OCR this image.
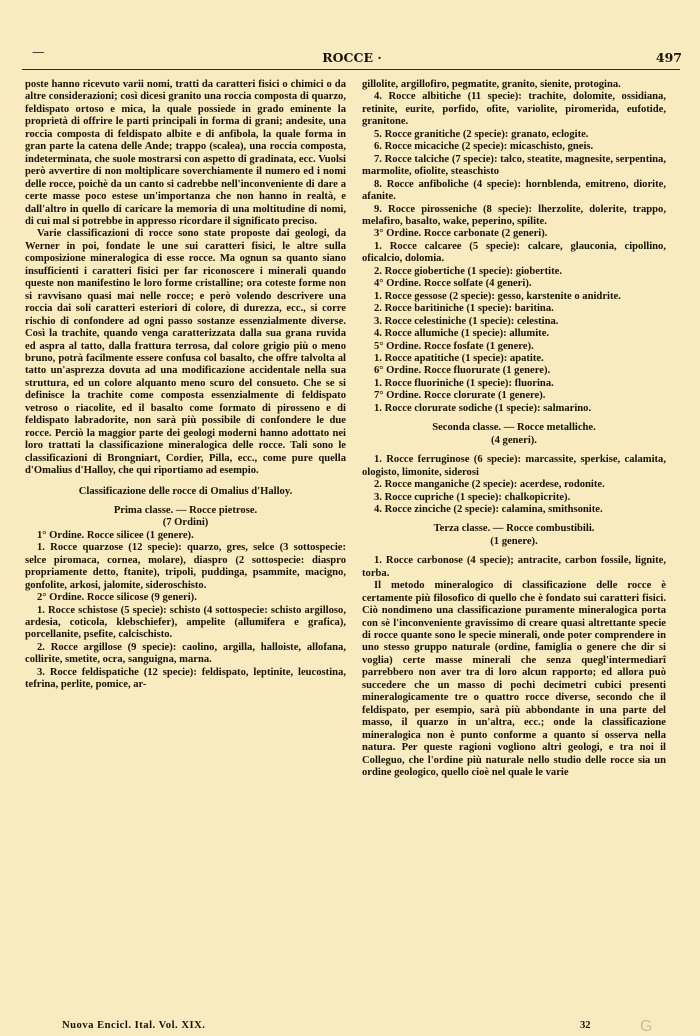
—	ROCCE ·	497

poste hanno ricevuto varii nomi, tratti da caratteri fisici o chimici o da altre considerazioni; così dicesi granito una roccia composta di quarzo, feldispato ortoso e mica, la quale possiede in grado eminente la proprietà di offrire le parti principali in forma di grani; andesite, una roccia composta di feldispato albite e di anfibola, la quale forma in gran parte la catena delle Ande; trappo (scalea), una roccia composta, indeterminata, che suole mostrarsi con aspetto di gradinata, ecc. Vuolsi però avvertire di non moltiplicare soverchiamente il numero ed i nomi delle rocce, poichè da un canto si cadrebbe nell'inconveniente di dare a certe masse poco estese un'importanza che non hanno in realtà, e dall'altro in quello di caricare la memoria di una moltitudine di nomi, di cui mal si potrebbe in appresso ricordare il significato preciso.

Varie classificazioni di rocce sono state proposte dai geologi, da Werner in poi, fondate le une sui caratteri fisici, le altre sulla composizione mineralogica di esse rocce. Ma ognun sa quanto siano insufficienti i caratteri fisici per far riconoscere i minerali quando queste non manifestino le loro forme cristalline; ora coteste forme non si ravvisano quasi mai nelle rocce; e però volendo descrivere una roccia dai soli caratteri esteriori di colore, di durezza, ecc., si corre rischio di confondere ad ogni passo sostanze essenzialmente diverse. Così la trachite, quando venga caratterizzata dalla sua grana ruvida ed aspra al tatto, dalla frattura terrosa, dal colore grigio più o meno bruno, potrà facilmente essere confusa col basalto, che offre talvolta al tatto un'asprezza dovuta ad una modificazione accidentale nella sua struttura, ed un colore alquanto meno scuro del consueto. Che se si definisce la trachite come composta essenzialmente di feldispato vetroso o riacolite, ed il basalto come formato di pirosseno e di feldispato labradorite, non sarà più possibile di confondere le due rocce. Perciò la maggior parte dei geologi moderni hanno adottato nei loro trattati la classificazione mineralogica delle rocce. Tali sono le classificazioni di Brongniart, Cordier, Pilla, ecc., come pure quella d'Omalius d'Halloy, che qui riportiamo ad esempio.

Classificazione delle rocce di Omalius d'Halloy.

Prima classe. — Rocce pietrose.

(7 Ordini)

1° Ordine. Rocce silicee (1 genere).

1. Rocce quarzose (12 specie): quarzo, gres, selce (3 sottospecie: selce piromaca, cornea, molare), diaspro (2 sottospecie: diaspro propriamente detto, ftanite), tripoli, puddinga, psammite, macigno, gonfolite, arkosi, jalomite, sideroschisto.

2° Ordine. Rocce silicose (9 generi).

1. Rocce schistose (5 specie): schisto (4 sottospecie: schisto argilloso, ardesia, coticola, klebschiefer), ampelite (allumifera e grafica), porcellanite, psefite, calcischisto.

2. Rocce argillose (9 specie): caolino, argilla, halloiste, allofana, collirite, smetite, ocra, sanguigna, marna.

3. Rocce feldispatiche (12 specie): feldispato, leptinite, leucostina, tefrina, perlite, pomice, ar-

gillolite, argillofiro, pegmatite, granito, sienite, protogina.

4. Rocce albitiche (11 specie): trachite, dolomite, ossidiana, retinite, eurite, porfido, ofite, variolite, piromerida, eufotide, granitone.

5. Rocce granitiche (2 specie): granato, eclogite.

6. Rocce micaciche (2 specie): micaschisto, gneis.

7. Rocce talciche (7 specie): talco, steatite, magnesite, serpentina, marmolite, ofiolite, steaschisto

8. Rocce anfiboliche (4 specie): hornblenda, emitreno, diorite, afanite.

9. Rocce pirosseniche (8 specie): lherzolite, dolerite, trappo, melafiro, basalto, wake, peperino, spilite.

3° Ordine. Rocce carbonate (2 generi).

1. Rocce calcaree (5 specie): calcare, glauconia, cipollino, oficalcio, dolomia.

2. Rocce giobertiche (1 specie): giobertite.

4° Ordine. Rocce solfate (4 generi).

1. Rocce gessose (2 specie): gesso, karstenite o anidrite.

2. Rocce baritiniche (1 specie): baritina.

3. Rocce celestiniche (1 specie): celestina.

4. Rocce allumiche (1 specie): allumite.

5° Ordine. Rocce fosfate (1 genere).

1. Rocce apatitiche (1 specie): apatite.

6° Ordine. Rocce fluorurate (1 genere).

1. Rocce fluoriniche (1 specie): fluorina.

7° Ordine. Rocce clorurate (1 genere).

1. Rocce clorurate sodiche (1 specie): salmarino.

Seconda classe. — Rocce metalliche.

(4 generi).

1. Rocce ferruginose (6 specie): marcassite, sperkise, calamita, ologisto, limonite, siderosi

2. Rocce manganiche (2 specie): acerdese, rodonite.

3. Rocce cupriche (1 specie): chalkopicrite).

4. Rocce zinciche (2 specie): calamina, smithsonite.

Terza classe. — Rocce combustibili.

(1 genere).

1. Rocce carbonose (4 specie); antracite, carbon fossile, lignite, torba.

Il metodo mineralogico di classificazione delle rocce è certamente più filosofico di quello che è fondato sui caratteri fisici. Ciò nondimeno una classificazione puramente mineralogica porta con sè l'inconveniente gravissimo di creare quasi altrettante specie di rocce quante sono le specie minerali, onde poter comprendere in uno stesso gruppo naturale (ordine, famiglia o genere che dir si voglia) certe masse minerali che senza quegl'intermediarî parrebbero non aver tra di loro alcun rapporto; ed allora può succedere che un masso di pochi decimetri cubici presenti mineralogicamente tre o quattro rocce diverse, secondo che il feldispato, per esempio, sarà più abbondante in una parte del masso, il quarzo in un'altra, ecc.; onde la classificazione mineralogica non è punto conforme a quanto si osserva nella natura. Per queste ragioni vogliono altri geologi, e tra noi il Colleguo, che l'ordine più naturale nello studio delle rocce sia un ordine geologico, quello cioè nel quale le varie

Nuova Encicl. Ital. Vol. XIX.	32	G
